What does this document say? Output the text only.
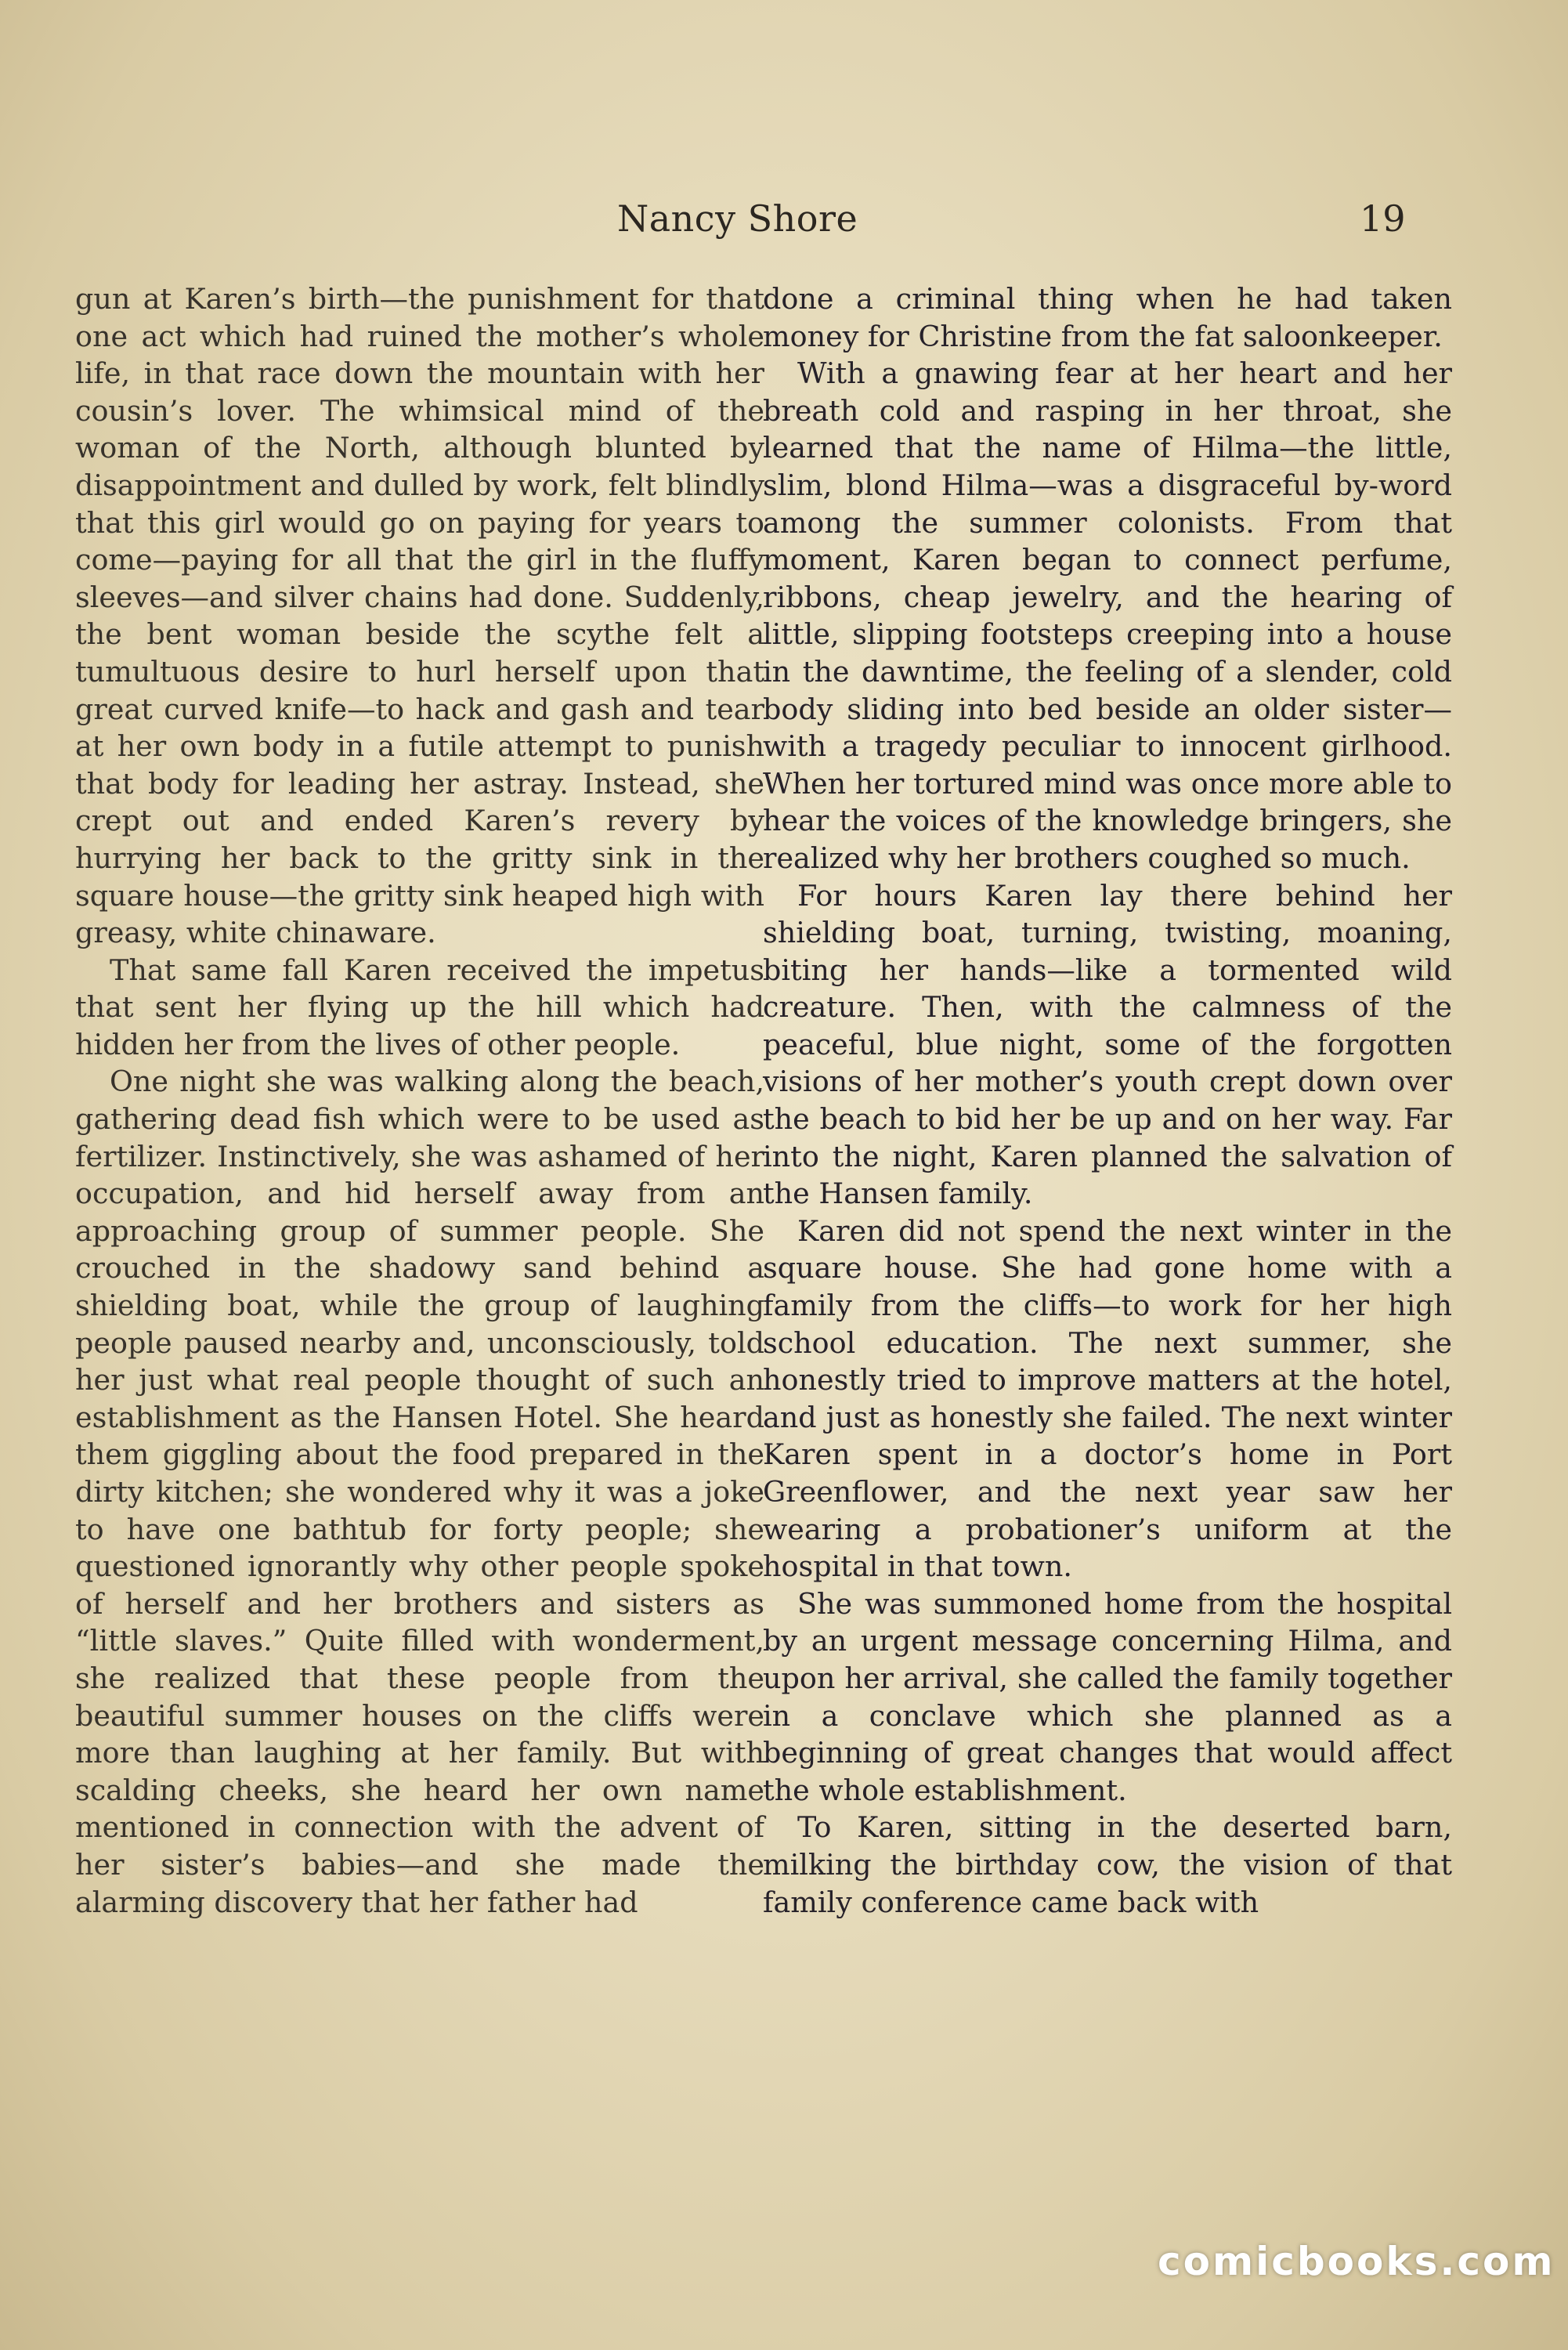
Nancy Shore	19

gun at Karen’s birth—the punishment for that one act which had ruined the mother’s whole life, in that race down the mountain with her cousin’s lover. The whimsical mind of the woman of the North, although blunted by disappointment and dulled by work, felt blindly that this girl would go on paying for years to come—paying for all that the girl in the fluffy sleeves—and silver chains had done. Suddenly, the bent woman beside the scythe felt a tumultuous desire to hurl herself upon that great curved knife—to hack and gash and tear at her own body in a futile attempt to punish that body for leading her astray. Instead, she crept out and ended Karen’s revery by hurrying her back to the gritty sink in the square house—the gritty sink heaped high with greasy, white chinaware.

That same fall Karen received the impetus that sent her flying up the hill which had hidden her from the lives of other people.

One night she was walking along the beach, gathering dead fish which were to be used as fertilizer. Instinctively, she was ashamed of her occupation, and hid herself away from an approaching group of summer people. She crouched in the shadowy sand behind a shielding boat, while the group of laughing people paused nearby and, unconsciously, told her just what real people thought of such an establishment as the Hansen Hotel. She heard them giggling about the food prepared in the dirty kitchen; she wondered why it was a joke to have one bathtub for forty people; she questioned ignorantly why other people spoke of herself and her brothers and sisters as “little slaves.” Quite filled with wonderment, she realized that these people from the beautiful summer houses on the cliffs were more than laughing at her family. But with scalding cheeks, she heard her own name mentioned in connection with the advent of her sister’s babies—and she made the alarming discovery that her father had

done a criminal thing when he had taken money for Christine from the fat saloonkeeper.

With a gnawing fear at her heart and her breath cold and rasping in her throat, she learned that the name of Hilma—the little, slim, blond Hilma—was a disgraceful by-word among the summer colonists. From that moment, Karen began to connect perfume, ribbons, cheap jewelry, and the hearing of little, slipping footsteps creeping into a house in the dawntime, the feeling of a slender, cold body sliding into bed beside an older sister—with a tragedy peculiar to innocent girlhood. When her tortured mind was once more able to hear the voices of the knowledge bringers, she realized why her brothers coughed so much.

For hours Karen lay there behind her shielding boat, turning, twisting, moaning, biting her hands—like a tormented wild creature. Then, with the calmness of the peaceful, blue night, some of the forgotten visions of her mother’s youth crept down over the beach to bid her be up and on her way. Far into the night, Karen planned the salvation of the Hansen family.

Karen did not spend the next winter in the square house. She had gone home with a family from the cliffs—to work for her high school education. The next summer, she honestly tried to improve matters at the hotel, and just as honestly she failed. The next winter Karen spent in a doctor’s home in Port Greenflower, and the next year saw her wearing a probationer’s uniform at the hospital in that town.

She was summoned home from the hospital by an urgent message concerning Hilma, and upon her arrival, she called the family together in a conclave which she planned as a beginning of great changes that would affect the whole establishment.

To Karen, sitting in the deserted barn, milking the birthday cow, the vision of that family conference came back with

comicbooks.com
